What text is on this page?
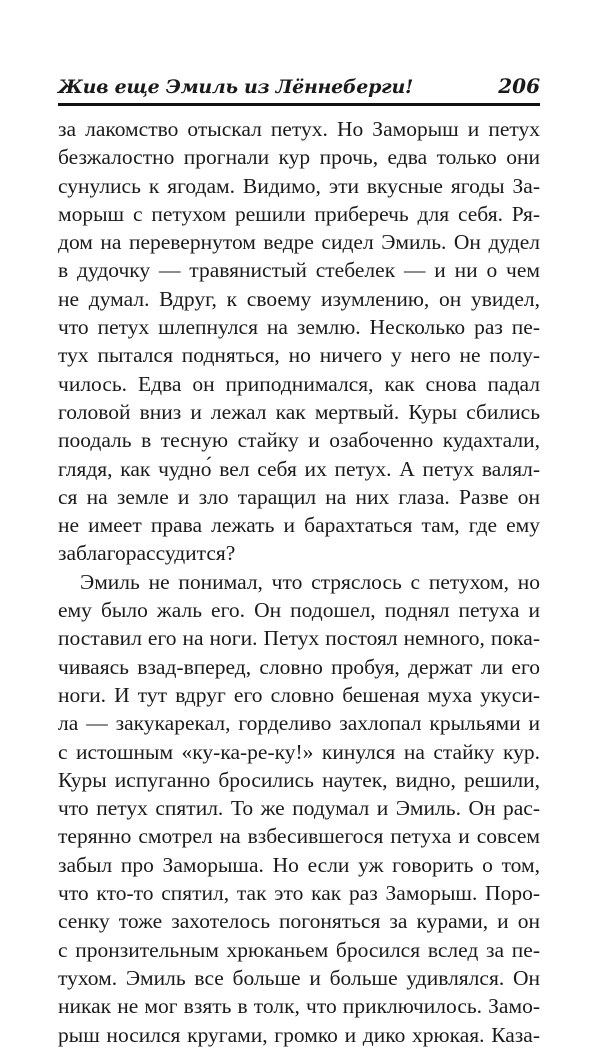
Жив еще Эмиль из Лённеберги!	206
за лакомство отыскал петух. Но Заморыш и петух
безжалостно прогнали кур прочь, едва только они
сунулись к ягодам. Видимо, эти вкусные ягоды За-
морыш с петухом решили приберечь для себя. Ря-
дом на перевернутом ведре сидел Эмиль. Он дудел
в дудочку — травянистый стебелек — и ни о чем
не думал. Вдруг, к своему изумлению, он увидел,
что петух шлепнулся на землю. Несколько раз пе-
тух пытался подняться, но ничего у него не полу-
чилось. Едва он приподнимался, как снова падал
головой вниз и лежал как мертвый. Куры сбились
поодаль в тесную стайку и озабоченно кудахтали,
глядя, как чудно́ вел себя их петух. А петух валял-
ся на земле и зло таращил на них глаза. Разве он
не имеет права лежать и барахтаться там, где ему
заблагорассудится?
Эмиль не понимал, что стряслось с петухом, но
ему было жаль его. Он подошел, поднял петуха и
поставил его на ноги. Петух постоял немного, пока-
чиваясь взад-вперед, словно пробуя, держат ли его
ноги. И тут вдруг его словно бешеная муха укуси-
ла — закукарекал, горделиво захлопал крыльями и
с истошным «ку-ка-ре-ку!» кинулся на стайку кур.
Куры испуганно бросились наутек, видно, решили,
что петух спятил. То же подумал и Эмиль. Он рас-
терянно смотрел на взбесившегося петуха и совсем
забыл про Заморыша. Но если уж говорить о том,
что кто-то спятил, так это как раз Заморыш. Поро-
сенку тоже захотелось погоняться за курами, и он
с пронзительным хрюканьем бросился вслед за пе-
тухом. Эмиль все больше и больше удивлялся. Он
никак не мог взять в толк, что приключилось. Замо-
рыш носился кругами, громко и дико хрюкая. Каза-
